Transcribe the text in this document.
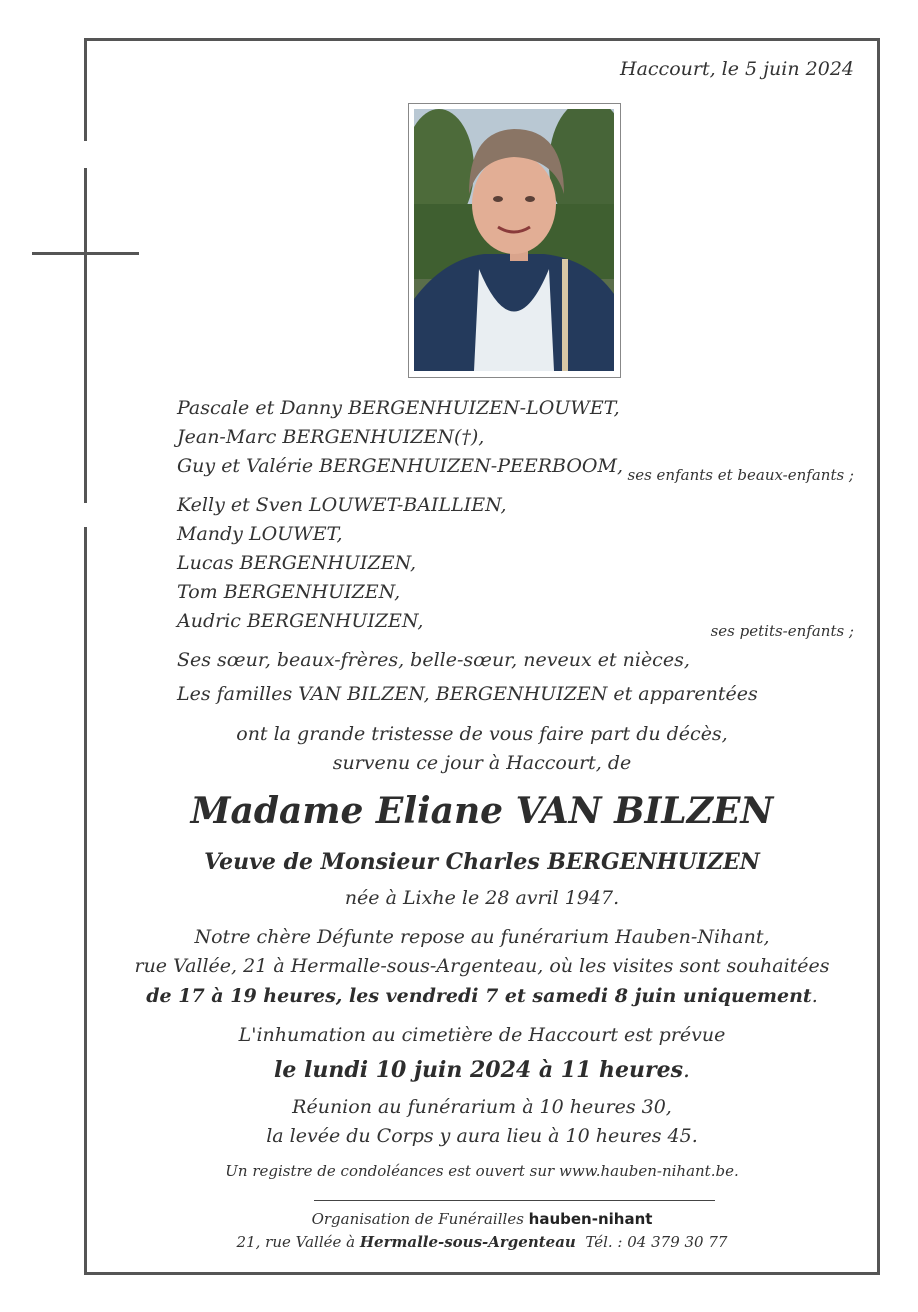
Haccourt, le 5 juin 2024
Pascale et Danny BERGENHUIZEN-LOUWET,
Jean-Marc BERGENHUIZEN(†),
Guy et Valérie BERGENHUIZEN-PEERBOOM, ses enfants et beaux-enfants ;
Kelly et Sven LOUWET-BAILLIEN,
Mandy LOUWET,
Lucas BERGENHUIZEN,
Tom BERGENHUIZEN,
Audric BERGENHUIZEN,	ses petits-enfants ;
Ses sœur, beaux-frères, belle-sœur, neveux et nièces,
Les familles VAN BILZEN, BERGENHUIZEN et apparentées
ont la grande tristesse de vous faire part du décès,
survenu ce jour à Haccourt, de
Madame Eliane VAN BILZEN
Veuve de Monsieur Charles BERGENHUIZEN
née à Lixhe le 28 avril 1947.
Notre chère Défunte repose au funérarium Hauben-Nihant,
rue Vallée, 21 à Hermalle-sous-Argenteau, où les visites sont souhaitées
de 17 à 19 heures, les vendredi 7 et samedi 8 juin uniquement.
L'inhumation au cimetière de Haccourt est prévue
le lundi 10 juin 2024 à 11 heures.
Réunion au funérarium à 10 heures 30,
la levée du Corps y aura lieu à 10 heures 45.
Un registre de condoléances est ouvert sur www.hauben-nihant.be.
Organisation de Funérailles hauben-nihant
21, rue Vallée à Hermalle-sous-Argenteau  Tél. : 04 379 30 77
